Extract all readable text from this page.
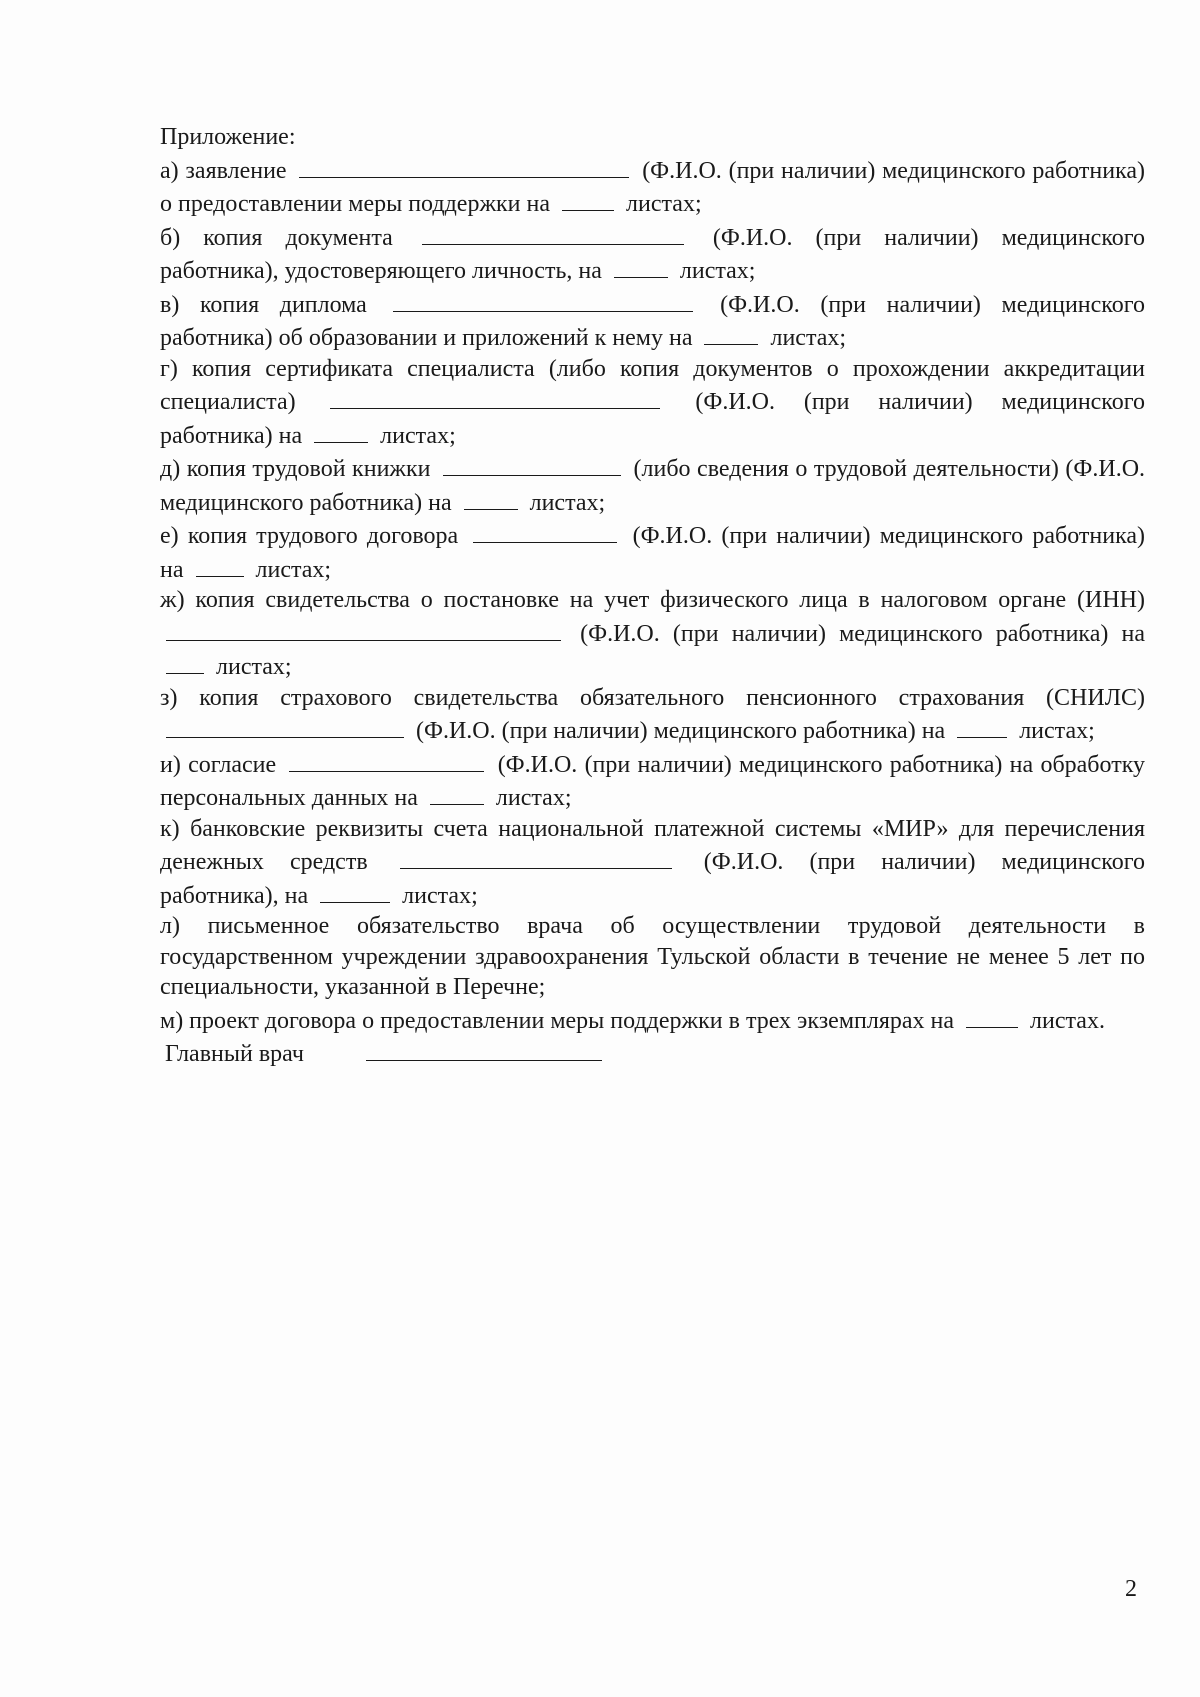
Приложение:

а) заявление	(Ф.И.О. (при наличии) медицинского работника) о предоставлении меры поддержки на	листах;

б) копия документа	(Ф.И.О. (при наличии) медицинского работника), удостоверяющего личность, на	листах;

в) копия диплома	(Ф.И.О. (при наличии) медицинского работника) об образовании и приложений к нему на	листах;

г) копия сертификата специалиста (либо копия документов о прохождении аккредитации специалиста)	(Ф.И.О. (при наличии) медицинского работника) на	листах;

д) копия трудовой книжки	(либо сведения о трудовой деятельности) (Ф.И.О. медицинского работника) на	листах;

е) копия трудового договора	(Ф.И.О. (при наличии) медицинского работника) на	листах;

ж) копия свидетельства о постановке на учет физического лица в налоговом органе (ИНН)  (Ф.И.О. (при наличии) медицинского работника) на  листах;

з) копия страхового свидетельства обязательного пенсионного страхования (СНИЛС)  (Ф.И.О. (при наличии) медицинского работника) на	листах;

и) согласие	(Ф.И.О. (при наличии) медицинского работника) на обработку персональных данных на	листах;

к) банковские реквизиты счета национальной платежной системы «МИР» для перечисления денежных средств	(Ф.И.О. (при наличии) медицинского работника), на	листах;

л) письменное обязательство врача об осуществлении трудовой деятельности в государственном учреждении здравоохранения Тульской области в течение не менее 5 лет по специальности, указанной в Перечне;

м) проект договора о предоставлении меры поддержки в трех экземплярах на	листах.

Главный врач
2
